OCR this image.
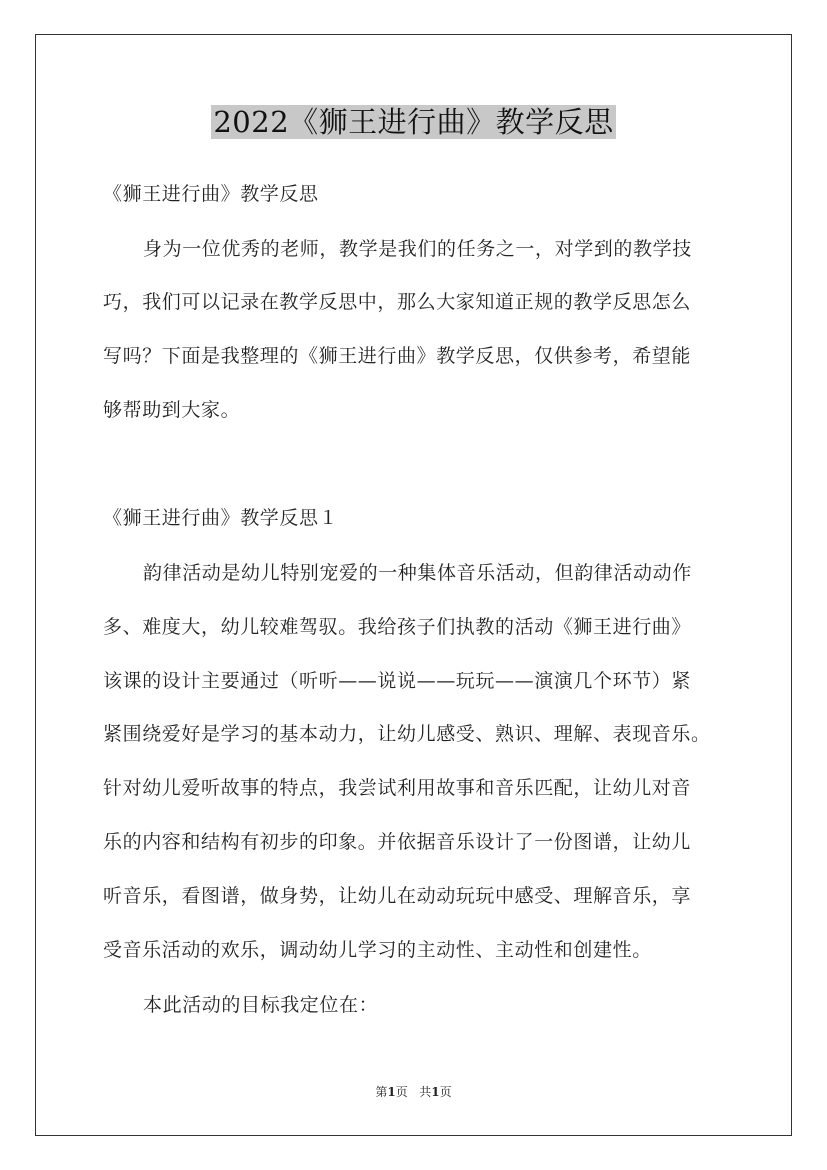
2022《狮王进行曲》教学反思
《狮王进行曲》教学反思
身为一位优秀的老师，教学是我们的任务之一，对学到的教学技
巧，我们可以记录在教学反思中，那么大家知道正规的教学反思怎么
写吗？下面是我整理的《狮王进行曲》教学反思，仅供参考，希望能
够帮助到大家。
《狮王进行曲》教学反思１
韵律活动是幼儿特别宠爱的一种集体音乐活动，但韵律活动动作
多、难度大，幼儿较难驾驭。我给孩子们执教的活动《狮王进行曲》
该课的设计主要通过（听听——说说——玩玩——演演几个环节）紧
紧围绕爱好是学习的基本动力，让幼儿感受、熟识、理解、表现音乐。
针对幼儿爱听故事的特点，我尝试利用故事和音乐匹配，让幼儿对音
乐的内容和结构有初步的印象。并依据音乐设计了一份图谱，让幼儿
听音乐，看图谱，做身势，让幼儿在动动玩玩中感受、理解音乐，享
受音乐活动的欢乐，调动幼儿学习的主动性、主动性和创建性。
本此活动的目标我定位在：
第1页 共1页
